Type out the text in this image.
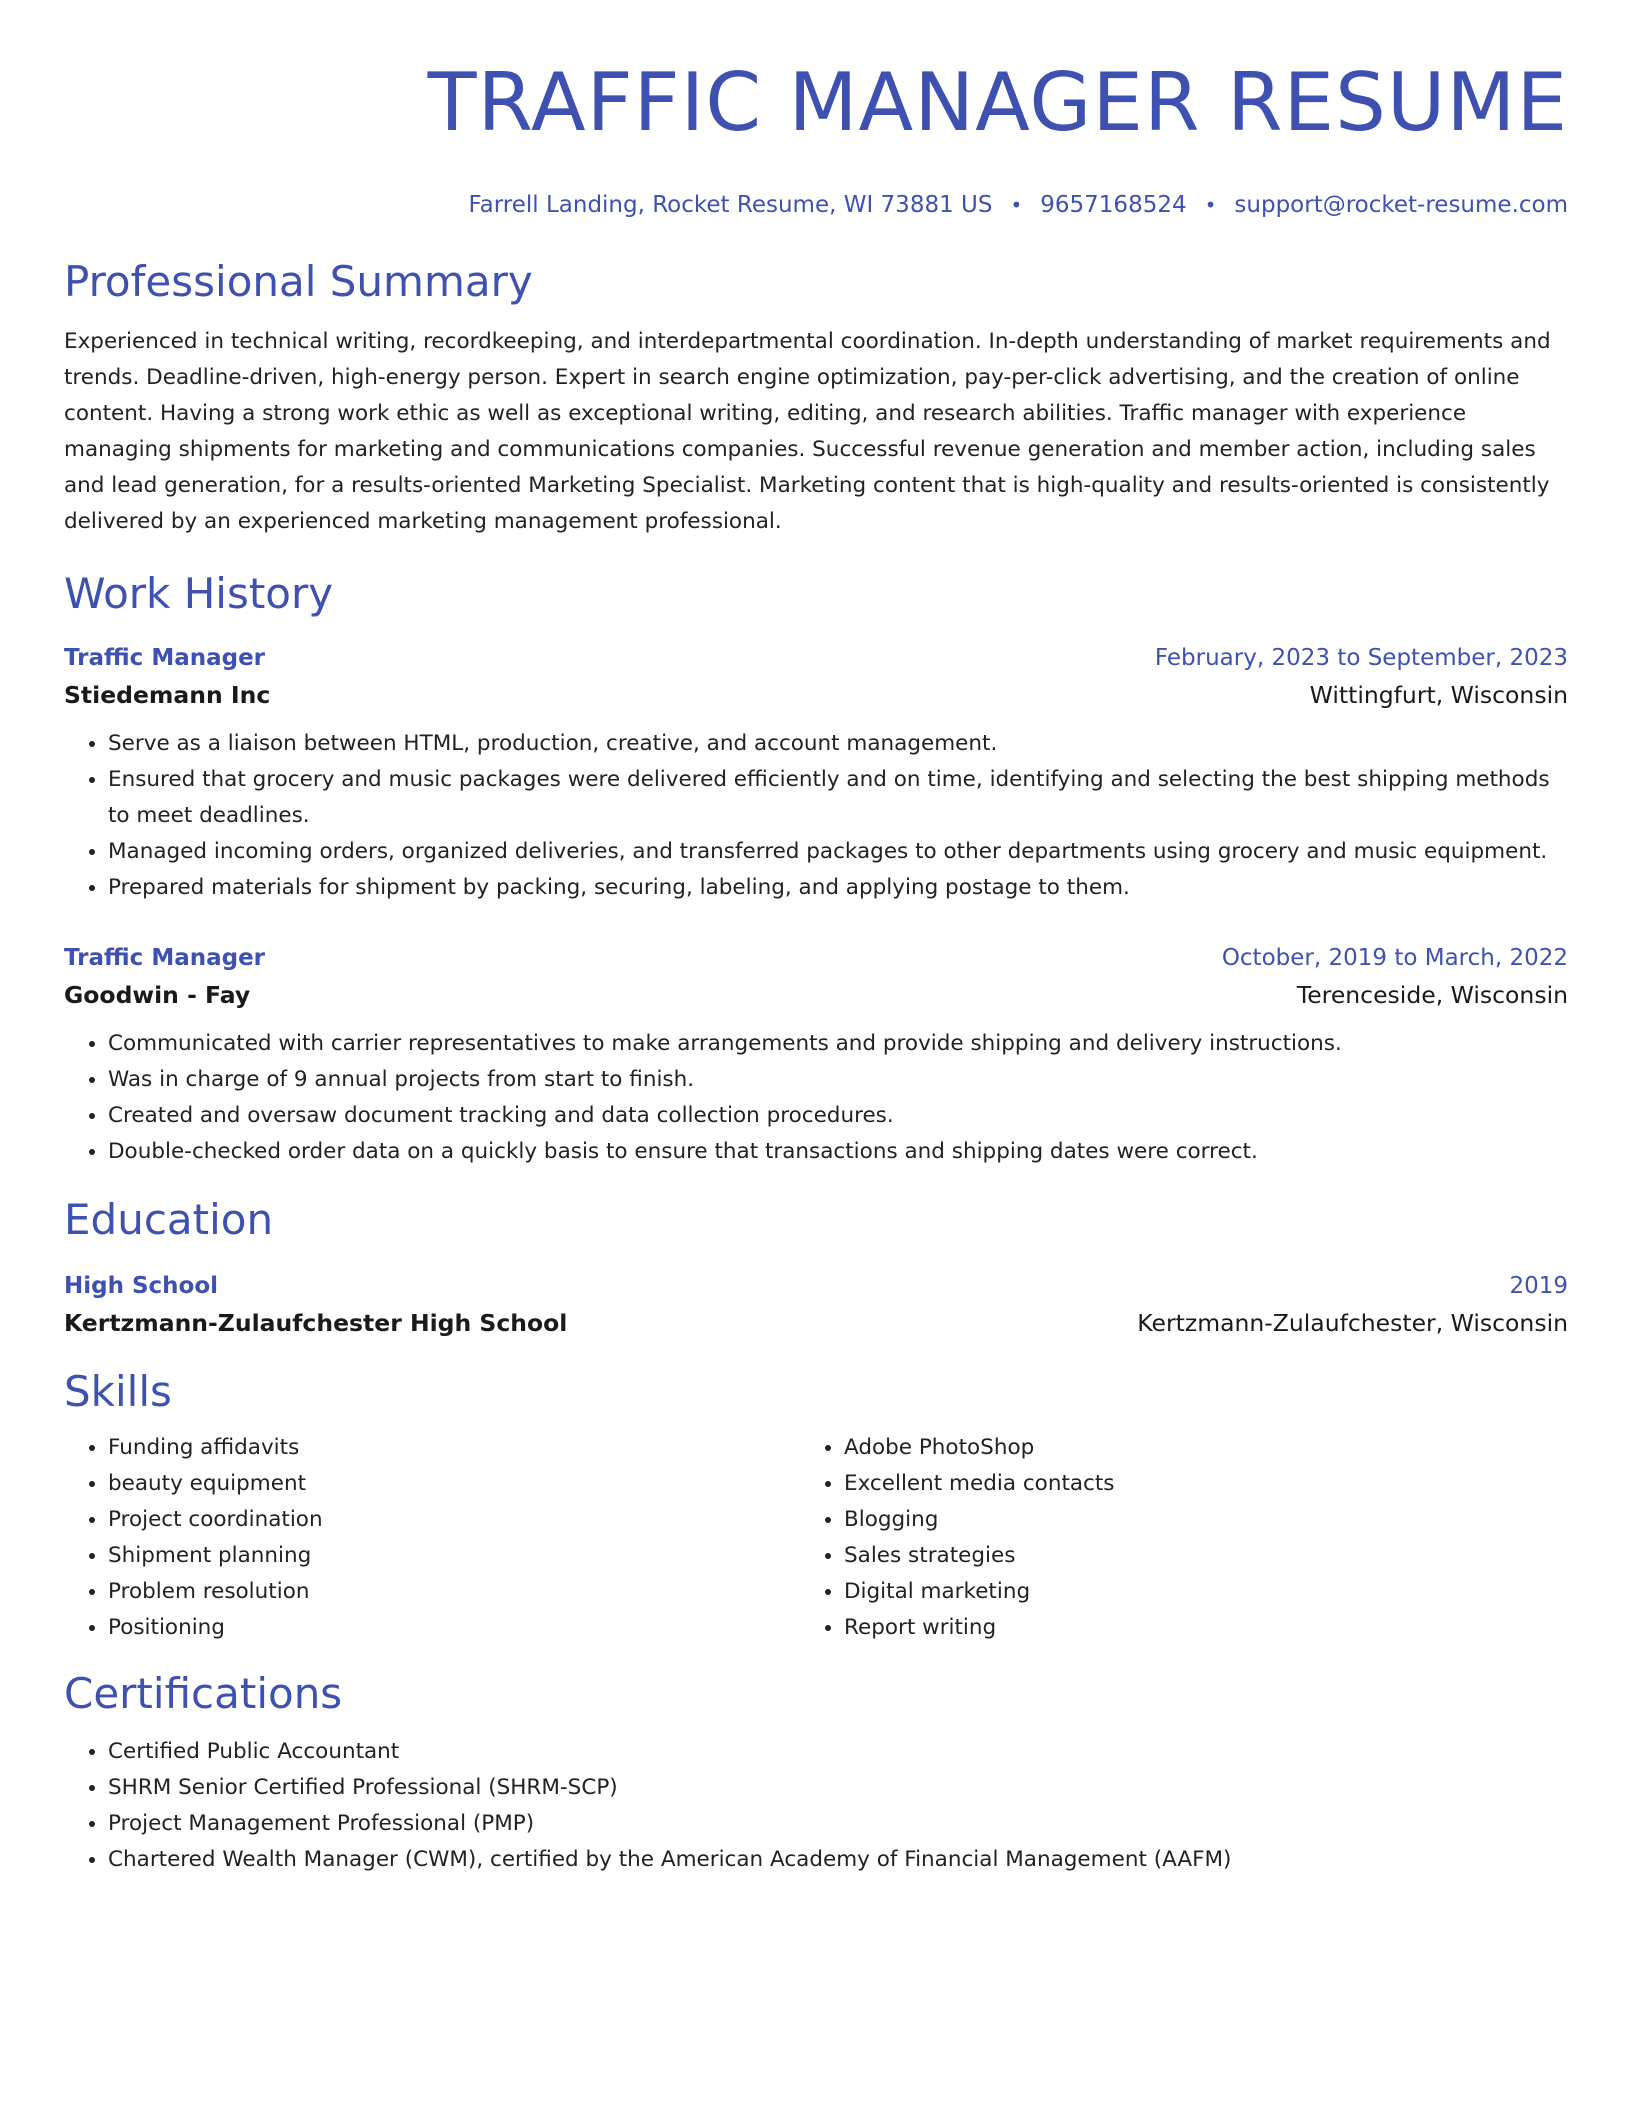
TRAFFIC MANAGER RESUME
Farrell Landing, Rocket Resume, WI 73881 US • 9657168524 • support@rocket-resume.com
Professional Summary
Experienced in technical writing, recordkeeping, and interdepartmental coordination. In-depth understanding of market requirements and trends. Deadline-driven, high-energy person. Expert in search engine optimization, pay-per-click advertising, and the creation of online content. Having a strong work ethic as well as exceptional writing, editing, and research abilities. Traffic manager with experience managing shipments for marketing and communications companies. Successful revenue generation and member action, including sales and lead generation, for a results-oriented Marketing Specialist. Marketing content that is high-quality and results-oriented is consistently delivered by an experienced marketing management professional.
Work History
Traffic Manager	February, 2023 to September, 2023
Stiedemann Inc	Wittingfurt, Wisconsin
• Serve as a liaison between HTML, production, creative, and account management.
• Ensured that grocery and music packages were delivered efficiently and on time, identifying and selecting the best shipping methods to meet deadlines.
• Managed incoming orders, organized deliveries, and transferred packages to other departments using grocery and music equipment.
• Prepared materials for shipment by packing, securing, labeling, and applying postage to them.
Traffic Manager	October, 2019 to March, 2022
Goodwin - Fay	Terenceside, Wisconsin
• Communicated with carrier representatives to make arrangements and provide shipping and delivery instructions.
• Was in charge of 9 annual projects from start to finish.
• Created and oversaw document tracking and data collection procedures.
• Double-checked order data on a quickly basis to ensure that transactions and shipping dates were correct.
Education
High School	2019
Kertzmann-Zulaufchester High School	Kertzmann-Zulaufchester, Wisconsin
Skills
• Funding affidavits
• beauty equipment
• Project coordination
• Shipment planning
• Problem resolution
• Positioning
• Adobe PhotoShop
• Excellent media contacts
• Blogging
• Sales strategies
• Digital marketing
• Report writing
Certifications
• Certified Public Accountant
• SHRM Senior Certified Professional (SHRM-SCP)
• Project Management Professional (PMP)
• Chartered Wealth Manager (CWM), certified by the American Academy of Financial Management (AAFM)
